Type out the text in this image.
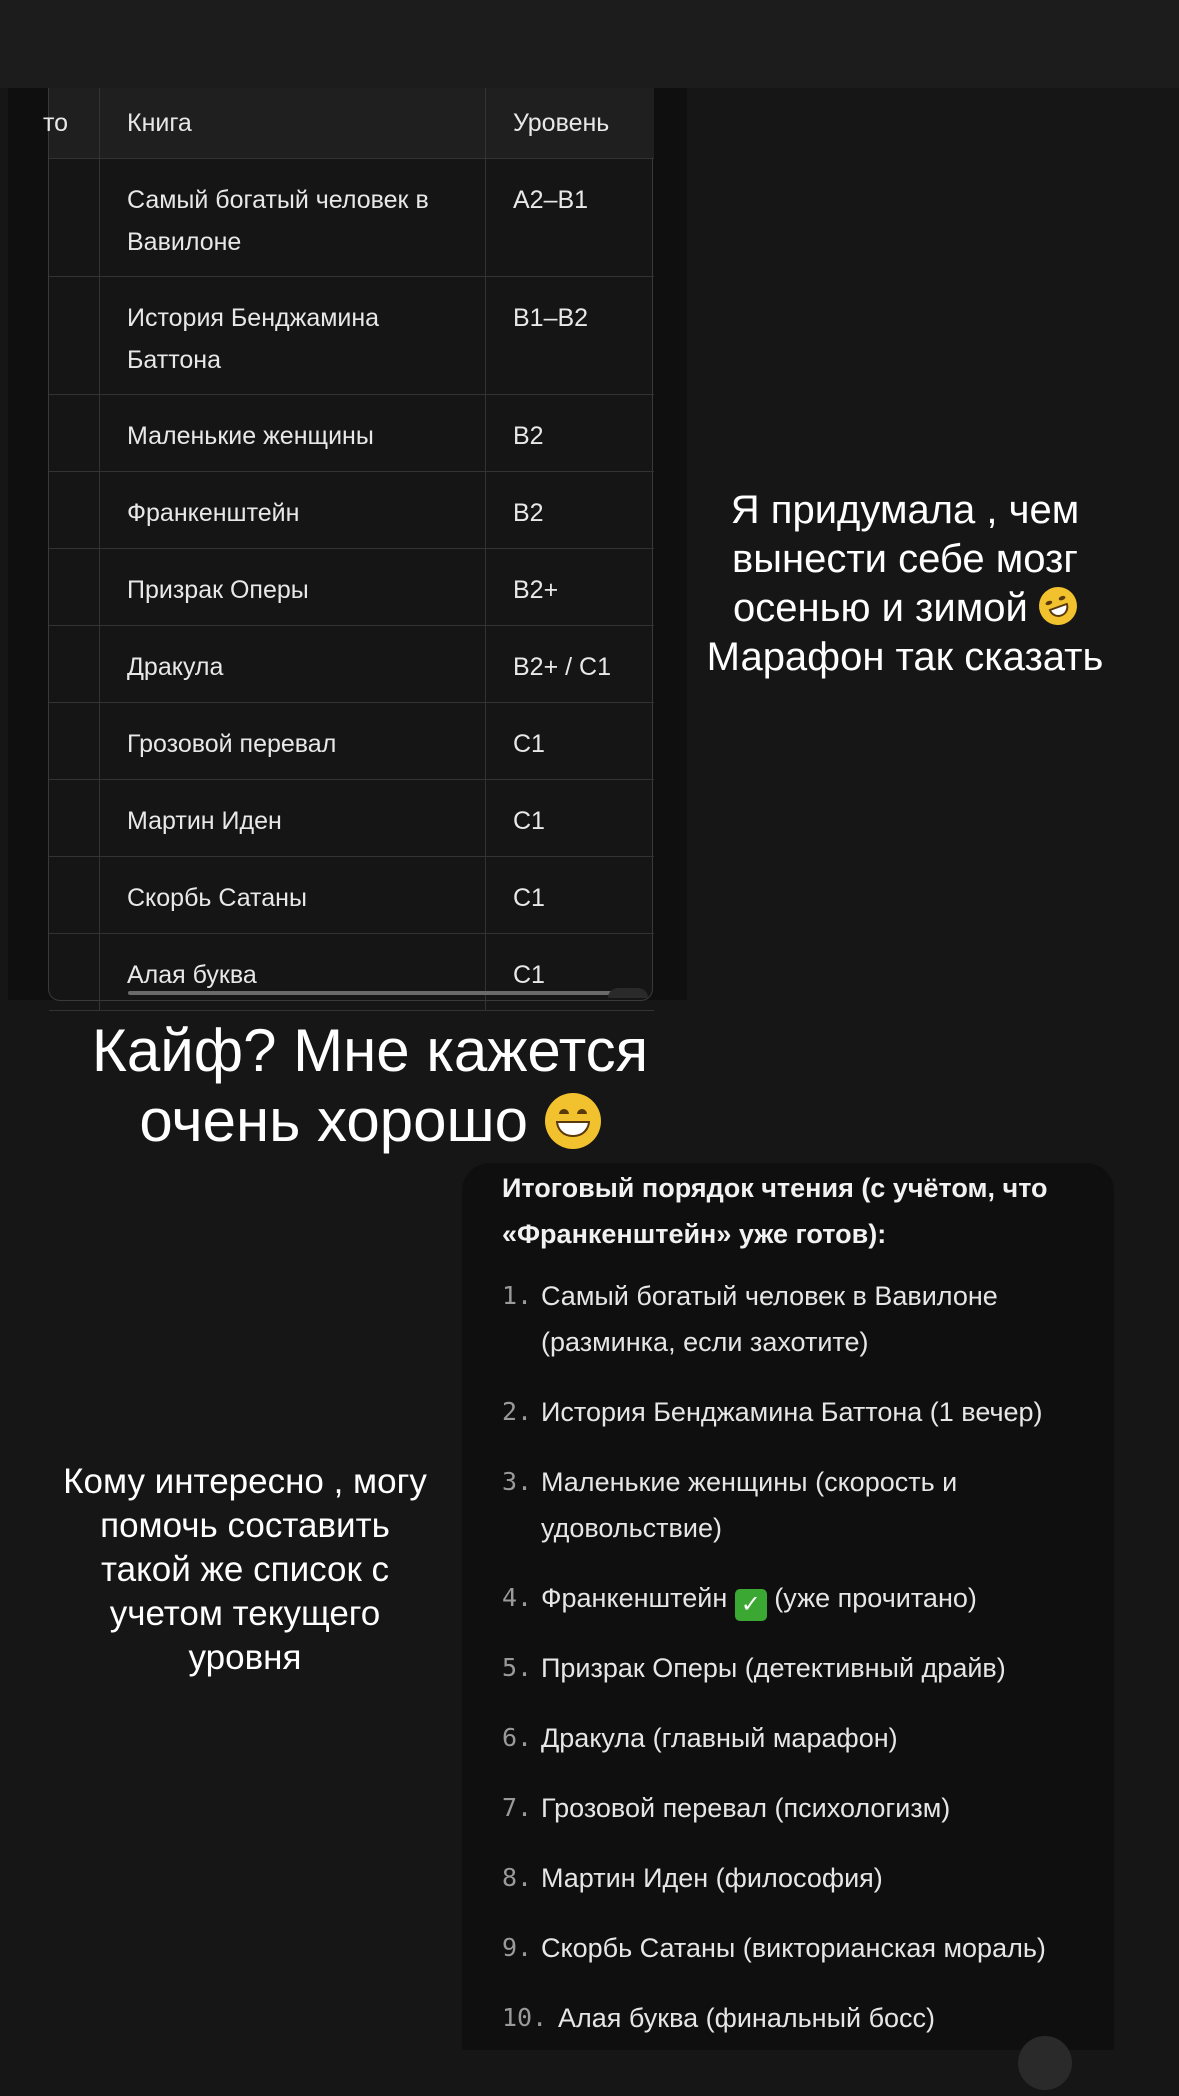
то	Книга	Уровень

	Самый богатый человек в
Вавилоне	A2–B1

	История Бенджамина
Баттона	B1–B2

	Маленькие женщины	B2

	Франкенштейн	B2

	Призрак Оперы	B2+

	Дракула	B2+ / C1

	Грозовой перевал	C1

	Мартин Иден	C1

	Скорбь Сатаны	C1

	Алая буква	C1
Я придумала , чем
вынести себе мозг
осенью и зимой

Марафон так сказать
Кайф? Мне кажется
очень хорошо
Кому интересно , могу
помочь составить
такой же список с
учетом текущего
уровня
Итоговый порядок чтения (с учётом, что
«Франкенштейн» уже готов):
1. Самый богатый человек в Вавилоне
(разминка, если захотите)
2. История Бенджамина Баттона (1 вечер)
3. Маленькие женщины (скорость и
удовольствие)
4. Франкенштейн ✓ (уже прочитано)
5. Призрак Оперы (детективный драйв)
6. Дракула (главный марафон)
7. Грозовой перевал (психологизм)
8. Мартин Иден (философия)
9. Скорбь Сатаны (викторианская мораль)
10. Алая буква (финальный босс)
